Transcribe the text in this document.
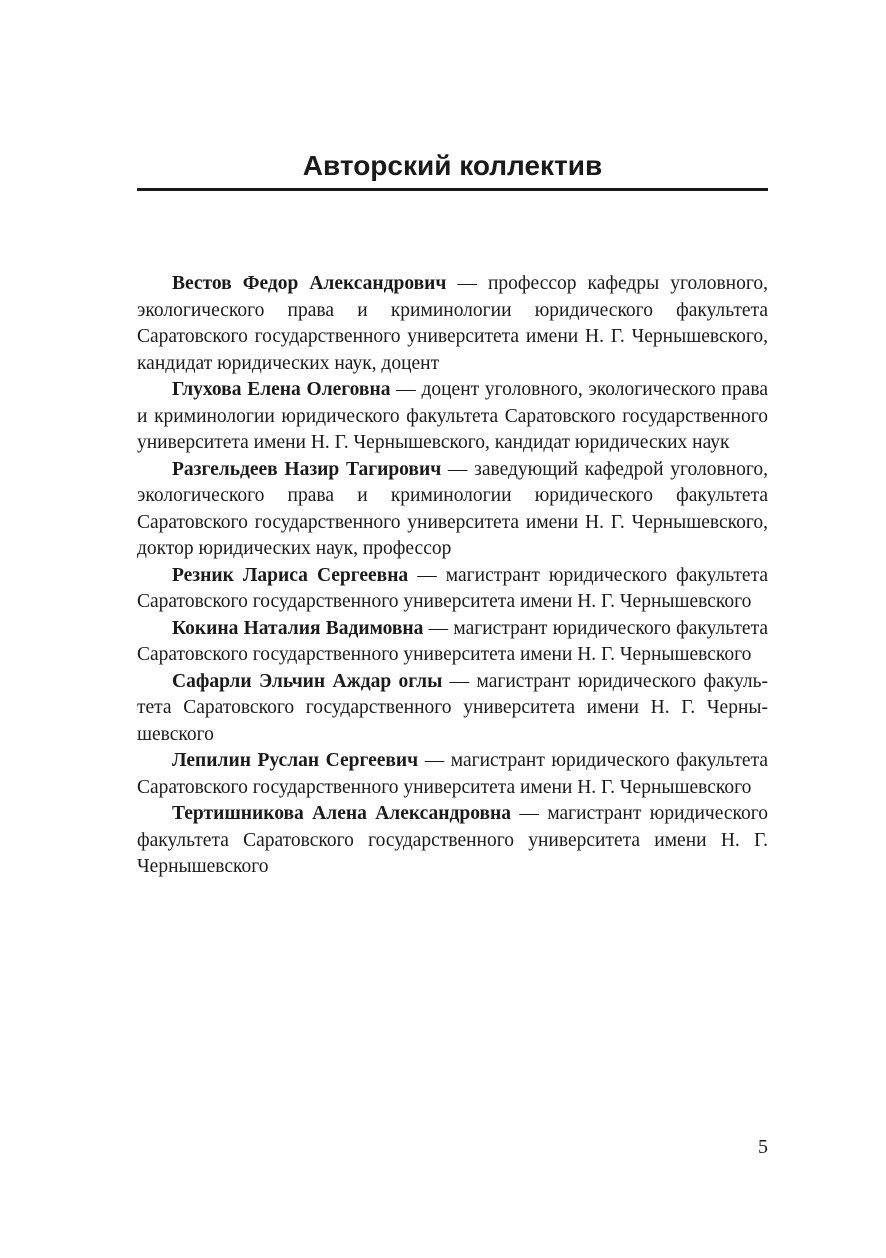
Авторский коллектив

Вестов Федор Александрович — профессор кафедры уголовного, экологического права и криминологии юридического факультета Саратовского государственного университета имени Н. Г. Чернышевского, кандидат юридических наук, доцент

Глухова Елена Олеговна — доцент уголовного, экологического права и криминологии юридического факультета Саратовского государственного университета имени Н. Г. Чернышевского, кандидат юридических наук

Разгельдеев Назир Тагирович — заведующий кафедрой уголовного, экологического права и криминологии юридического факультета Саратовского государственного университета имени Н. Г. Чернышевского, доктор юридических наук, профессор

Резник Лариса Сергеевна — магистрант юридического факультета Саратовского государственного университета имени Н. Г. Чернышевского

Кокина Наталия Вадимовна — магистрант юридического факультета Саратовского государственного университета имени Н. Г. Чернышевского

Сафарли Эльчин Аждар оглы — магистрант юридического факультета Саратовского государственного университета имени Н. Г. Чернышевского

Лепилин Руслан Сергеевич — магистрант юридического факультета Саратовского государственного университета имени Н. Г. Чернышевского

Тертишникова Алена Александровна — магистрант юридического факультета Саратовского государственного университета имени Н. Г. Чернышевского

5
